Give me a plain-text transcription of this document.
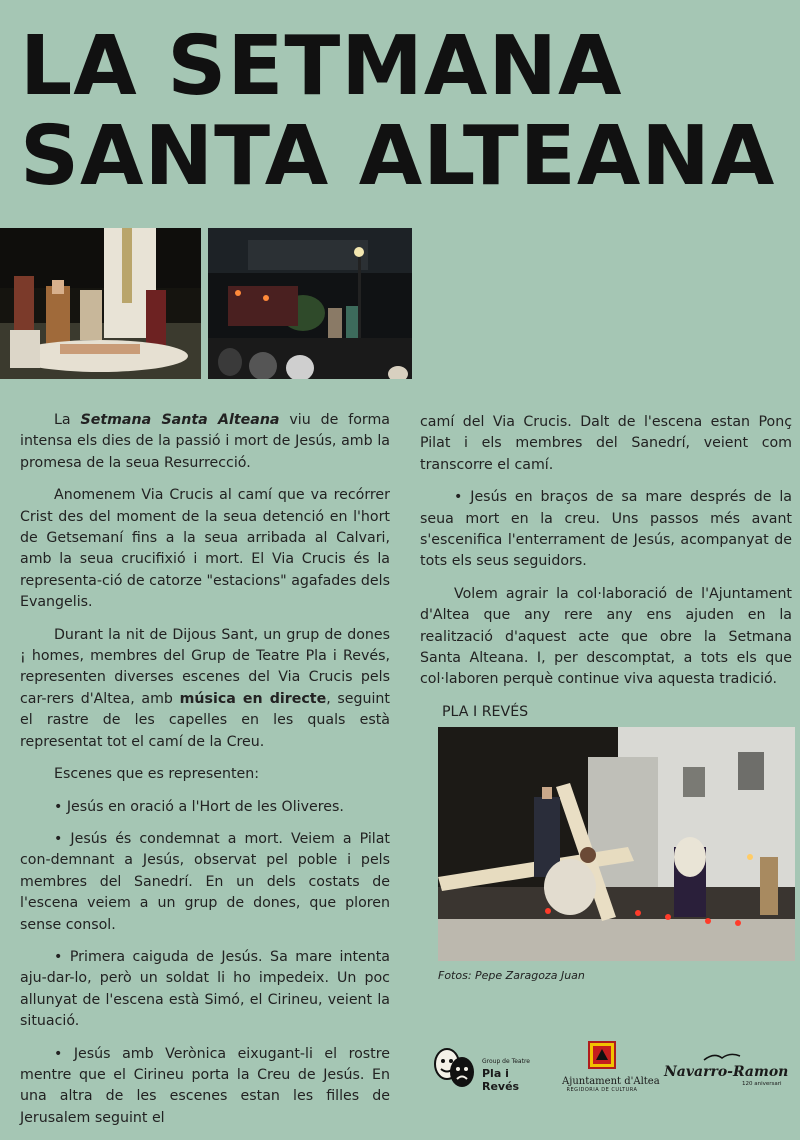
LA SETMANA
SANTA ALTEANA

La Setmana Santa Alteana viu de forma intensa els dies de la passió i mort de Jesús, amb la promesa de la seua Resurrecció.

Anomenem Via Crucis al camí que va recórrer Crist des del moment de la seua detenció en l'hort de Getsemaní fins a la seua arribada al Calvari, amb la seua crucifixió i mort. El Via Crucis és la representa-ció de catorze "estacions" agafades dels Evangelis.

Durant la nit de Dijous Sant, un grup de dones ¡ homes, membres del Grup de Teatre Pla i Revés, representen diverses escenes del Via Crucis pels car-rers d'Altea, amb música en directe, seguint el rastre de les capelles en les quals està representat tot el camí de la Creu.

Escenes que es representen:

• Jesús en oració a l'Hort de les Oliveres.

• Jesús és condemnat a mort. Veiem a Pilat con-demnant a Jesús, observat pel poble i pels membres del Sanedrí. En un dels costats de l'escena veiem a un grup de dones, que ploren sense consol.

• Primera caiguda de Jesús. Sa mare intenta aju-dar-lo, però un soldat li ho impedeix. Un poc allunyat de l'escena està Simó, el Cirineu, veient la situació.

• Jesús amb Verònica eixugant-li el rostre mentre que el Cirineu porta la Creu de Jesús. En una altra de les escenes estan les filles de Jerusalem seguint el

camí del Via Crucis. Dalt de l'escena estan Ponç Pilat i els membres del Sanedrí, veient com transcorre el camí.

• Jesús en braços de sa mare després de la seua mort en la creu. Uns passos més avant s'escenifica l'enterrament de Jesús, acompanyat de tots els seus seguidors.

Volem agrair la col·laboració de l'Ajuntament d'Altea que any rere any ens ajuden en la realització d'aquest acte que obre la Setmana Santa Alteana. I, per descomptat, a tots els que col·laboren perquè continue viva aquesta tradició.

PLA I REVÉS

Fotos: Pepe Zaragoza Juan
Group de Teatre
Pla i Revés	Ajuntament d'Altea
REGIDORIA DE CULTURA
Navarro-Ramon
120 aniversari
